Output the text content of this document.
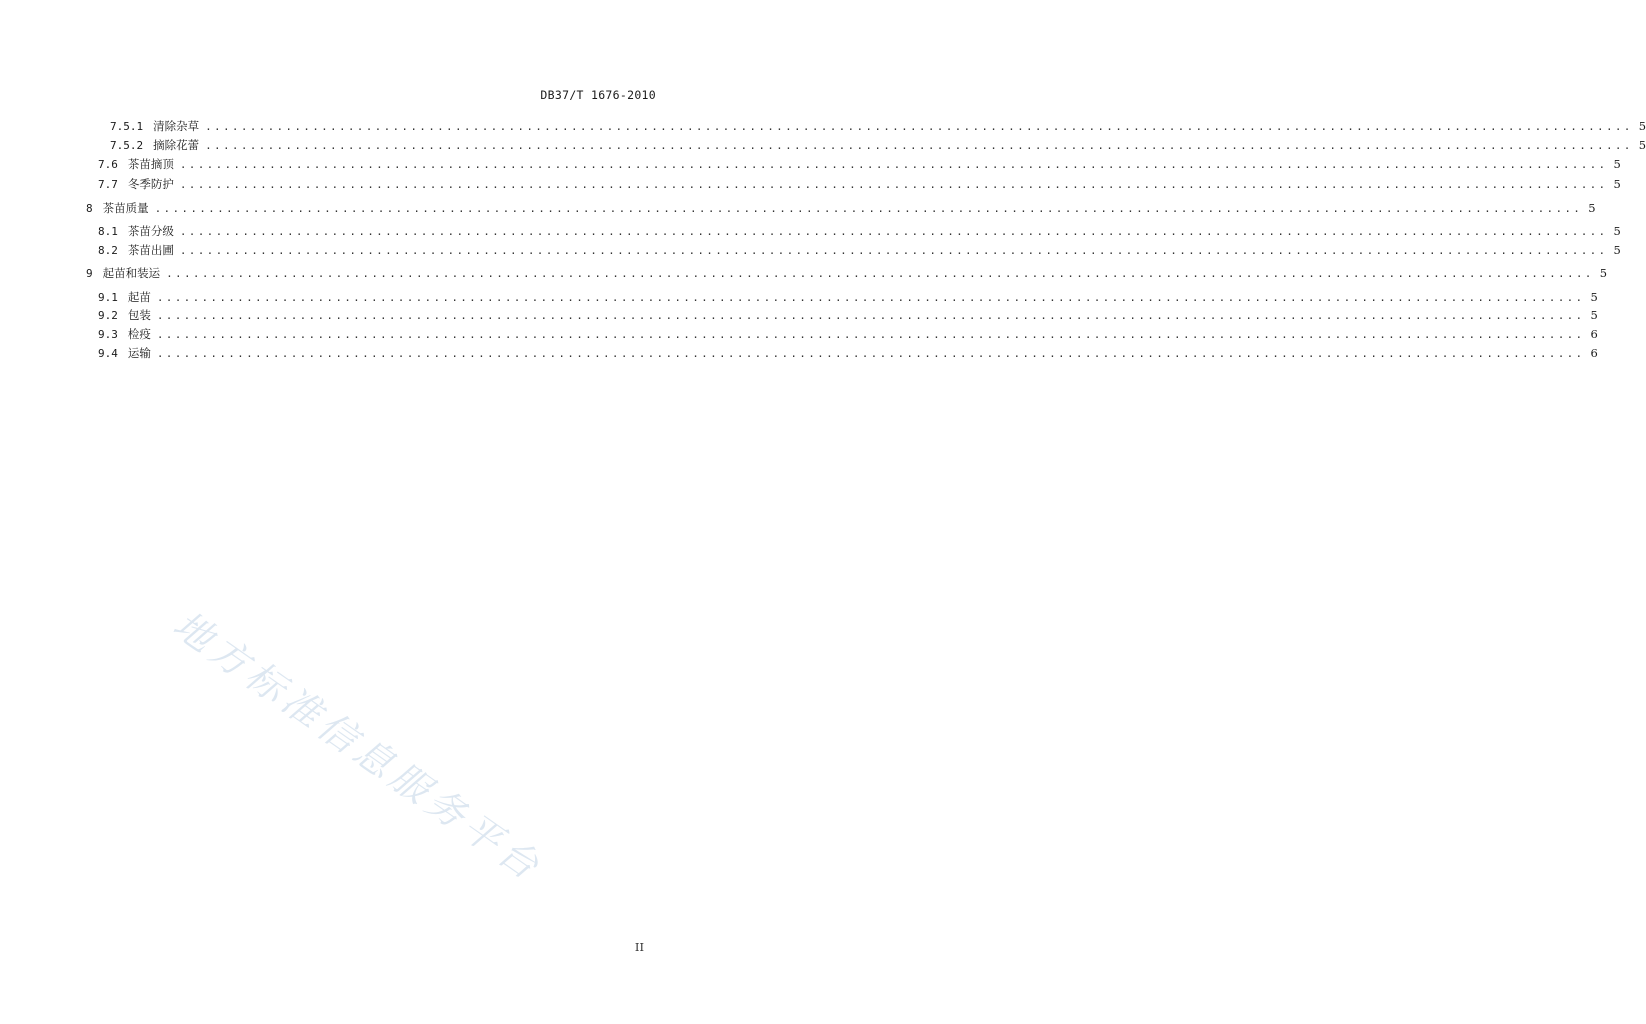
DB37/T 1676-2010
7.5.1 清除杂草 ................................................................................................................................................................ 5
7.5.2 摘除花蕾 ................................................................................................................................................................ 5
7.6 茶苗摘顶 ................................................................................................................................................................ 5
7.7 冬季防护 ................................................................................................................................................................ 5
8 茶苗质量 ................................................................................................................................................................ 5
8.1 茶苗分级 ................................................................................................................................................................ 5
8.2 茶苗出圃 ................................................................................................................................................................ 5
9 起苗和装运 ................................................................................................................................................................ 5
9.1 起苗 ................................................................................................................................................................ 5
9.2 包装 ................................................................................................................................................................ 5
9.3 检疫 ................................................................................................................................................................ 6
9.4 运输 ................................................................................................................................................................ 6
地方标准信息服务平台
II
